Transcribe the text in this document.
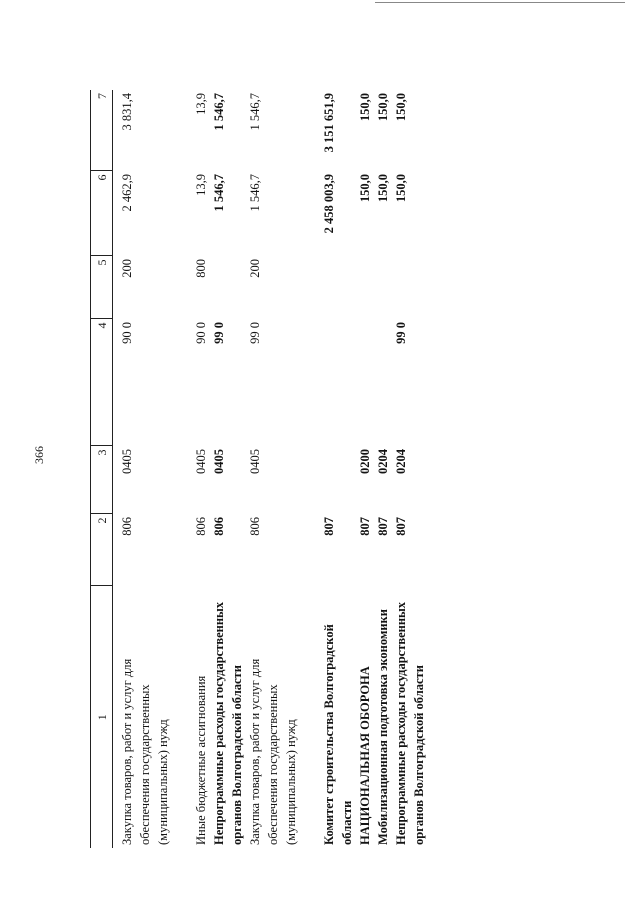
366
1	2	3	4	5	6	7
Закупка товаров, работ и услуг для обеспечения государственных (муниципальных) нужд	806	0405	90 0	200	2 462,9	3 831,4
Иные бюджетные ассигнования	806	0405	90 0	800	13,9	13,9
Непрограммные расходы государственных органов Волгоградской области	806	0405	99 0		1 546,7	1 546,7
Закупка товаров, работ и услуг для обеспечения государственных (муниципальных) нужд	806	0405	99 0	200	1 546,7	1 546,7
Комитет строительства Волгоградской области	807				2 458 003,9	3 151 651,9
НАЦИОНАЛЬНАЯ ОБОРОНА	807	0200			150,0	150,0
Мобилизационная подготовка экономики	807	0204			150,0	150,0
Непрограммные расходы государственных органов Волгоградской области	807	0204	99 0		150,0	150,0
